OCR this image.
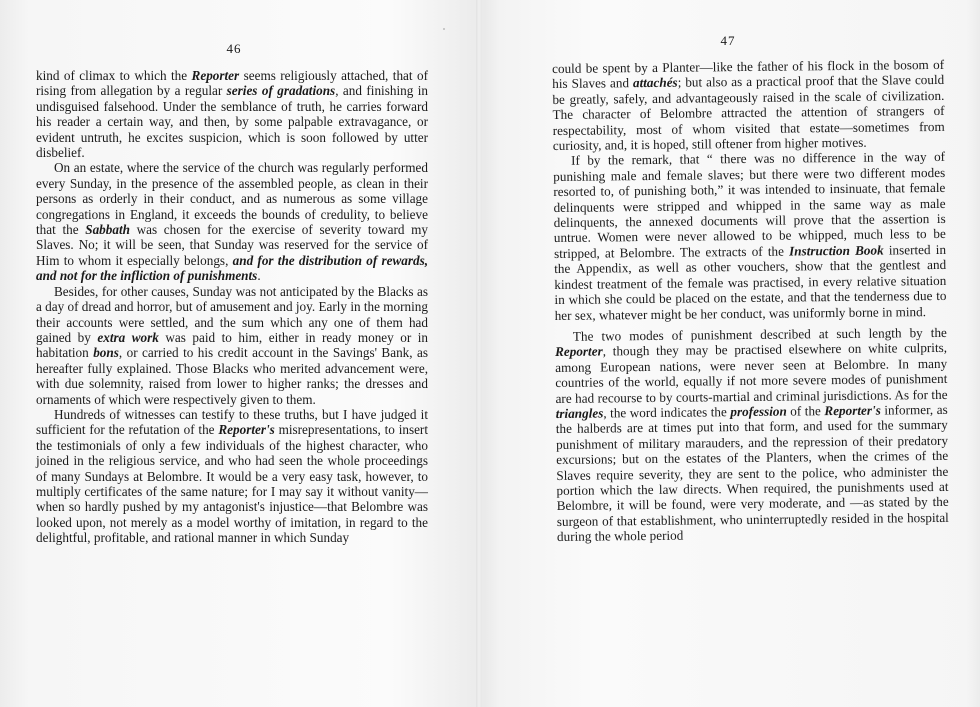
46

kind of climax to which the Reporter seems religiously attached, that of rising from allegation by a regular series of gradations, and finishing in undisguised falsehood. Under the semblance of truth, he carries forward his reader a certain way, and then, by some palpable extravagance, or evident untruth, he excites suspicion, which is soon followed by utter disbelief.

On an estate, where the service of the church was regularly performed every Sunday, in the presence of the assembled people, as clean in their persons as orderly in their conduct, and as numerous as some village congregations in England, it exceeds the bounds of credulity, to believe that the Sabbath was chosen for the exercise of severity toward my Slaves. No; it will be seen, that Sunday was reserved for the service of Him to whom it especially belongs, and for the distribution of rewards, and not for the infliction of punishments.

Besides, for other causes, Sunday was not anticipated by the Blacks as a day of dread and horror, but of amusement and joy. Early in the morning their accounts were settled, and the sum which any one of them had gained by extra work was paid to him, either in ready money or in habitation bons, or carried to his credit account in the Savings' Bank, as hereafter fully explained. Those Blacks who merited advancement were, with due solemnity, raised from lower to higher ranks; the dresses and ornaments of which were respectively given to them.

Hundreds of witnesses can testify to these truths, but I have judged it sufficient for the refutation of the Reporter's misrepresentations, to insert the testimonials of only a few individuals of the highest character, who joined in the religious service, and who had seen the whole proceedings of many Sundays at Belombre. It would be a very easy task, however, to multiply certificates of the same nature; for I may say it without vanity—when so hardly pushed by my antagonist's injustice—that Belombre was looked upon, not merely as a model worthy of imitation, in regard to the delightful, profitable, and rational manner in which Sunday

47

could be spent by a Planter—like the father of his flock in the bosom of his Slaves and attachés; but also as a practical proof that the Slave could be greatly, safely, and advantageously raised in the scale of civilization. The character of Belombre attracted the attention of strangers of respectability, most of whom visited that estate—sometimes from curiosity, and, it is hoped, still oftener from higher motives.

If by the remark, that “ there was no difference in the way of punishing male and female slaves; but there were two different modes resorted to, of punishing both,” it was intended to insinuate, that female delinquents were stripped and whipped in the same way as male delinquents, the annexed documents will prove that the assertion is untrue. Women were never allowed to be whipped, much less to be stripped, at Belombre. The extracts of the Instruction Book inserted in the Appendix, as well as other vouchers, show that the gentlest and kindest treatment of the female was practised, in every relative situation in which she could be placed on the estate, and that the tenderness due to her sex, whatever might be her conduct, was uniformly borne in mind.

The two modes of punishment described at such length by the Reporter, though they may be practised elsewhere on white culprits, among European nations, were never seen at Belombre. In many countries of the world, equally if not more severe modes of punishment are had recourse to by courts-martial and criminal jurisdictions. As for the triangles, the word indicates the profession of the Reporter's informer, as the halberds are at times put into that form, and used for the summary punishment of military marauders, and the repression of their predatory excursions; but on the estates of the Planters, when the crimes of the Slaves require severity, they are sent to the police, who administer the portion which the law directs. When required, the punishments used at Belombre, it will be found, were very moderate, and —as stated by the surgeon of that establishment, who uninterruptedly resided in the hospital during the whole period
